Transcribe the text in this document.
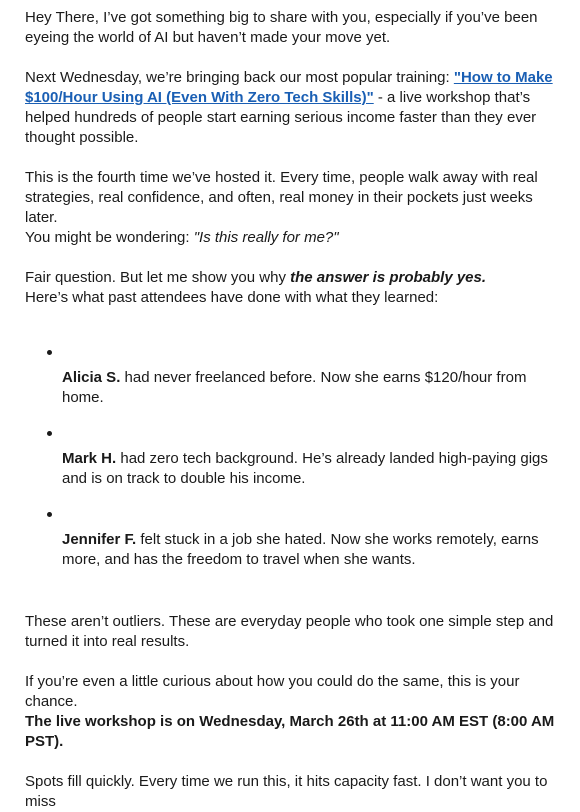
Hey There, I’ve got something big to share with you, especially if you’ve been eyeing the world of AI but haven’t made your move yet.

Next Wednesday, we’re bringing back our most popular training: "How to Make $100/Hour Using AI (Even With Zero Tech Skills)" - a live workshop that’s helped hundreds of people start earning serious income faster than they ever thought possible.

This is the fourth time we’ve hosted it. Every time, people walk away with real strategies, real confidence, and often, real money in their pockets just weeks later.
You might be wondering: "Is this really for me?"

Fair question. But let me show you why the answer is probably yes.
Here’s what past attendees have done with what they learned:

Alicia S. had never freelanced before. Now she earns $120/hour from home.
Mark H. had zero tech background. He’s already landed high-paying gigs and is on track to double his income.
Jennifer F. felt stuck in a job she hated. Now she works remotely, earns more, and has the freedom to travel when she wants.

These aren’t outliers. These are everyday people who took one simple step and turned it into real results.

If you’re even a little curious about how you could do the same, this is your chance.
The live workshop is on Wednesday, March 26th at 11:00 AM EST (8:00 AM PST).

Spots fill quickly. Every time we run this, it hits capacity fast. I don’t want you to miss
